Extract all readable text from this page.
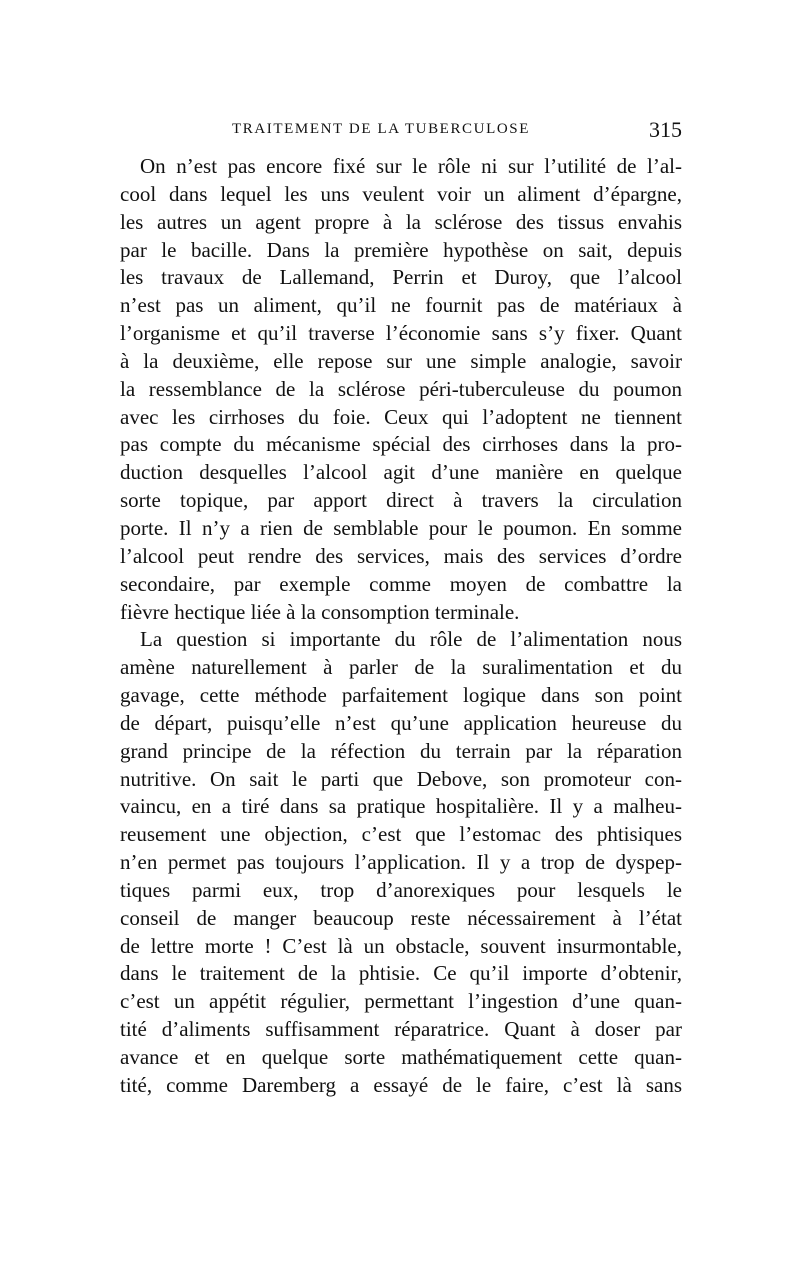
TRAITEMENT DE LA TUBERCULOSE	315
On n’est pas encore fixé sur le rôle ni sur l’utilité de l’al-
cool dans lequel les uns veulent voir un aliment d’épargne,
les autres un agent propre à la sclérose des tissus envahis
par le bacille. Dans la première hypothèse on sait, depuis
les travaux de Lallemand, Perrin et Duroy, que l’alcool
n’est pas un aliment, qu’il ne fournit pas de matériaux à
l’organisme et qu’il traverse l’économie sans s’y fixer. Quant
à la deuxième, elle repose sur une simple analogie, savoir
la ressemblance de la sclérose péri-tuberculeuse du poumon
avec les cirrhoses du foie. Ceux qui l’adoptent ne tiennent
pas compte du mécanisme spécial des cirrhoses dans la pro-
duction desquelles l’alcool agit d’une manière en quelque
sorte topique, par apport direct à travers la circulation
porte. Il n’y a rien de semblable pour le poumon. En somme
l’alcool peut rendre des services, mais des services d’ordre
secondaire, par exemple comme moyen de combattre la
fièvre hectique liée à la consomption terminale.
La question si importante du rôle de l’alimentation nous
amène naturellement à parler de la suralimentation et du
gavage, cette méthode parfaitement logique dans son point
de départ, puisqu’elle n’est qu’une application heureuse du
grand principe de la réfection du terrain par la réparation
nutritive. On sait le parti que Debove, son promoteur con-
vaincu, en a tiré dans sa pratique hospitalière. Il y a malheu-
reusement une objection, c’est que l’estomac des phtisiques
n’en permet pas toujours l’application. Il y a trop de dyspep-
tiques parmi eux, trop d’anorexiques pour lesquels le
conseil de manger beaucoup reste nécessairement à l’état
de lettre morte ! C’est là un obstacle, souvent insurmontable,
dans le traitement de la phtisie. Ce qu’il importe d’obtenir,
c’est un appétit régulier, permettant l’ingestion d’une quan-
tité d’aliments suffisamment réparatrice. Quant à doser par
avance et en quelque sorte mathématiquement cette quan-
tité, comme Daremberg a essayé de le faire, c’est là sans
